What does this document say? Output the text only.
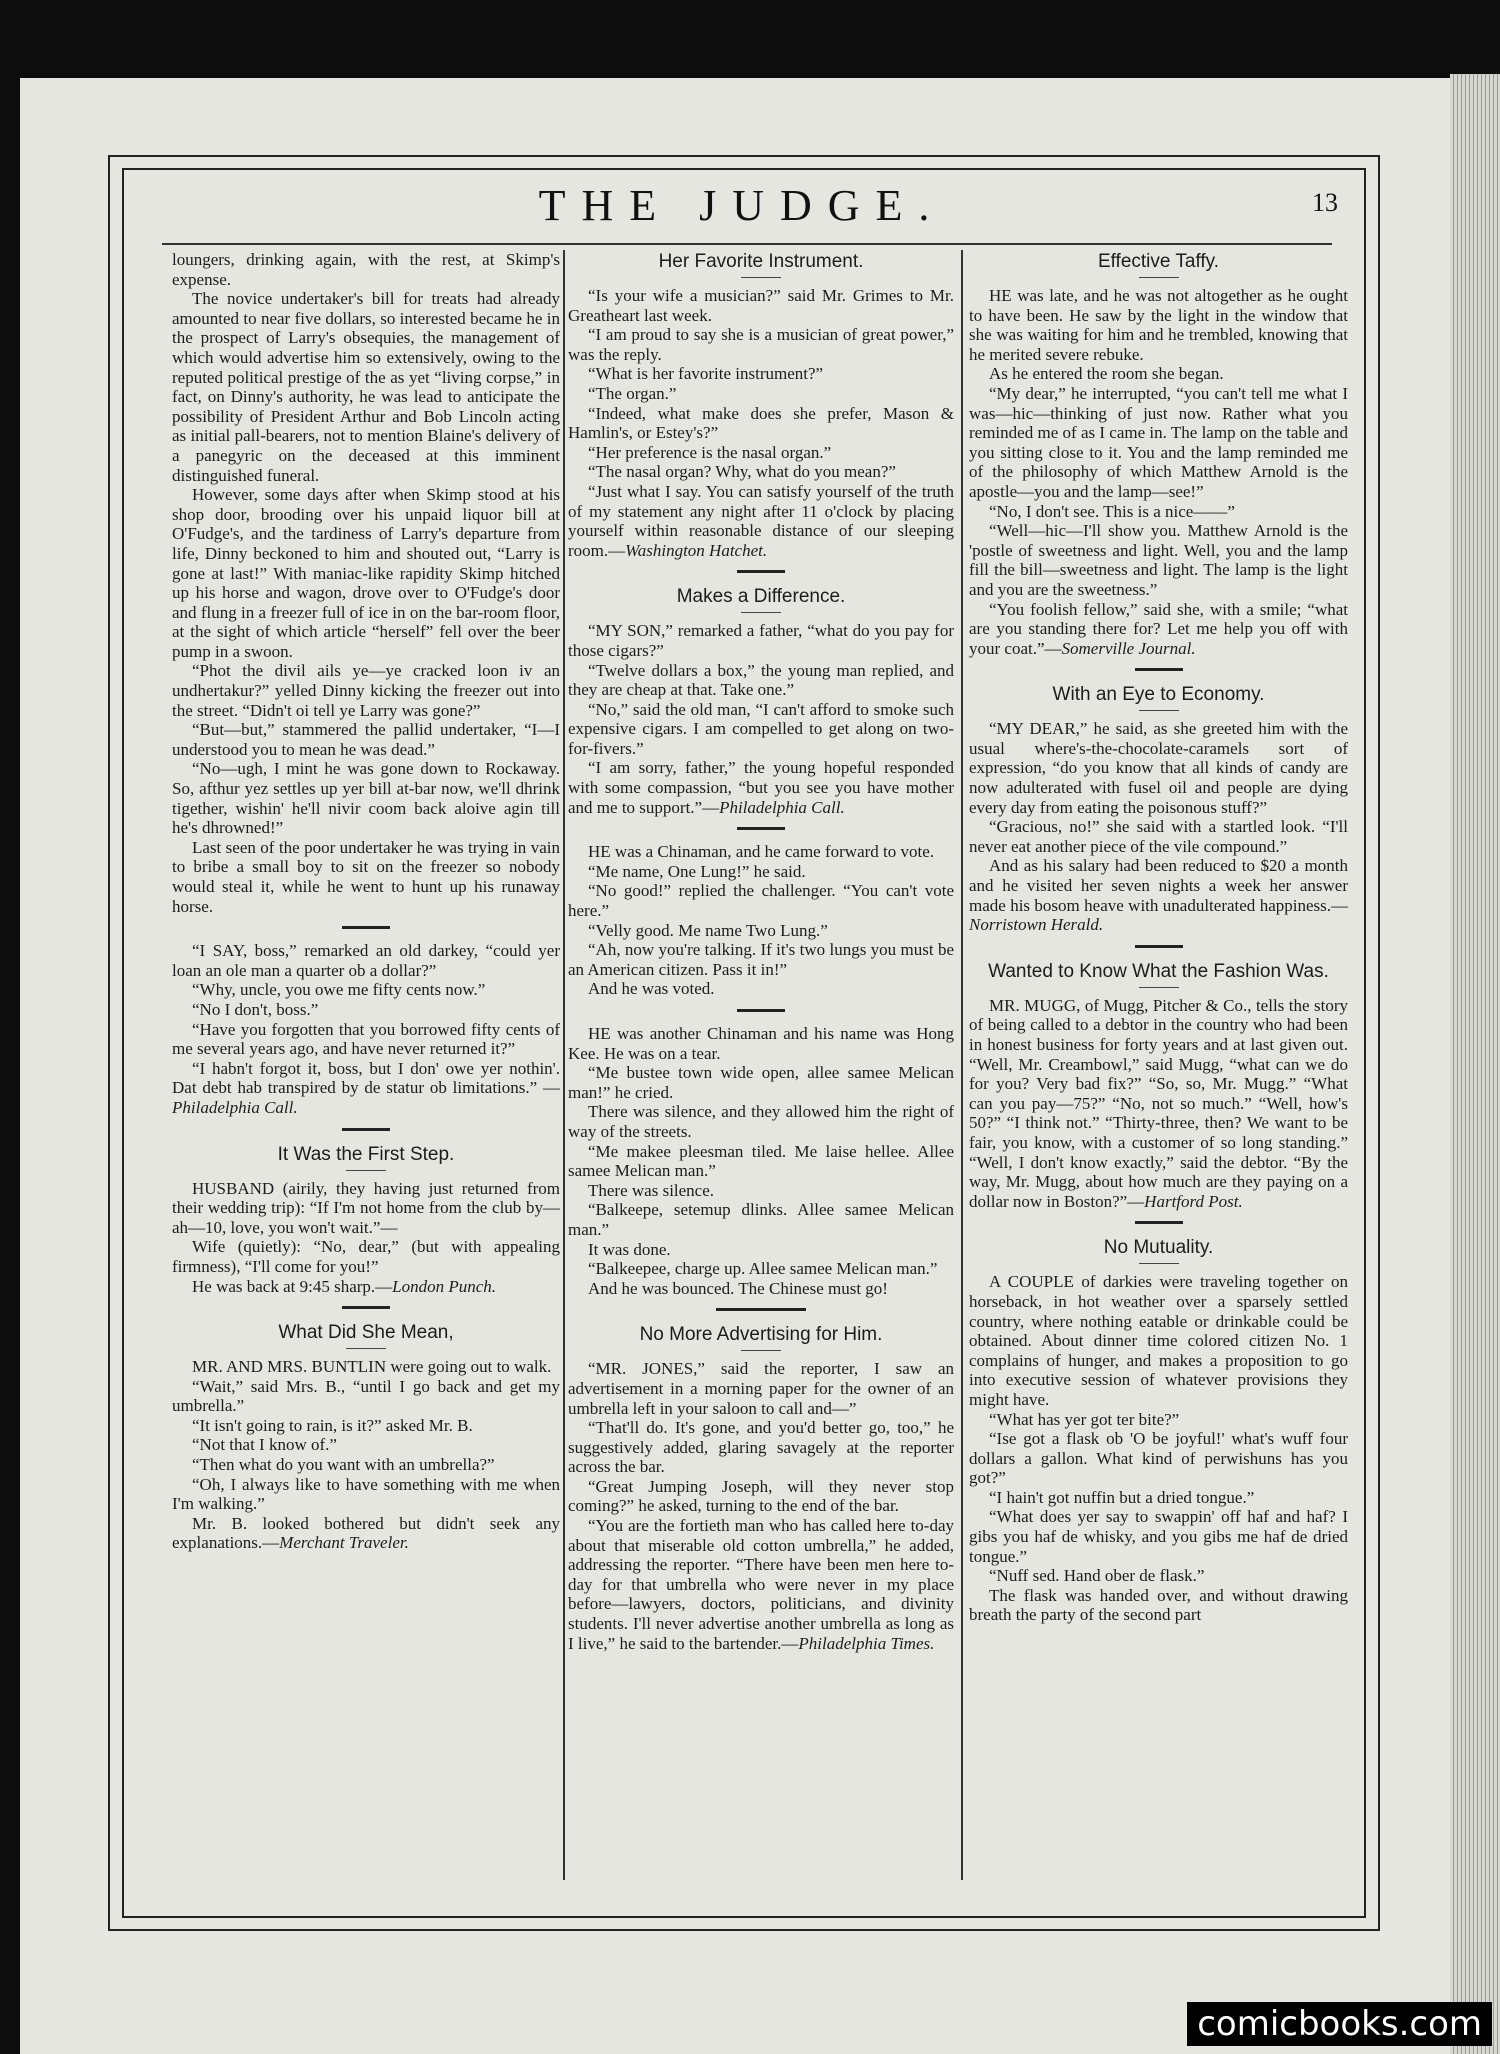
THE JUDGE.	13

loungers, drinking again, with the rest, at Skimp's expense.

The novice undertaker's bill for treats had already amounted to near five dollars, so interested became he in the prospect of Larry's obsequies, the management of which would advertise him so extensively, owing to the reputed political prestige of the as yet “living corpse,” in fact, on Dinny's authority, he was lead to anticipate the possibility of President Arthur and Bob Lincoln acting as initial pall-bearers, not to mention Blaine's delivery of a panegyric on the deceased at this imminent distinguished funeral.

However, some days after when Skimp stood at his shop door, brooding over his unpaid liquor bill at O'Fudge's, and the tardiness of Larry's departure from life, Dinny beckoned to him and shouted out, “Larry is gone at last!” With maniac-like rapidity Skimp hitched up his horse and wagon, drove over to O'Fudge's door and flung in a freezer full of ice in on the bar-room floor, at the sight of which article “herself” fell over the beer pump in a swoon.

“Phot the divil ails ye—ye cracked loon iv an undhertakur?” yelled Dinny kicking the freezer out into the street. “Didn't oi tell ye Larry was gone?”

“But—but,” stammered the pallid undertaker, “I—I understood you to mean he was dead.”

“No—ugh, I mint he was gone down to Rockaway. So, afthur yez settles up yer bill at-bar now, we'll dhrink tigether, wishin' he'll nivir coom back aloive agin till he's dhrowned!”

Last seen of the poor undertaker he was trying in vain to bribe a small boy to sit on the freezer so nobody would steal it, while he went to hunt up his runaway horse.

“I SAY, boss,” remarked an old darkey, “could yer loan an ole man a quarter ob a dollar?”

“Why, uncle, you owe me fifty cents now.”

“No I don't, boss.”

“Have you forgotten that you borrowed fifty cents of me several years ago, and have never returned it?”

“I habn't forgot it, boss, but I don' owe yer nothin'. Dat debt hab transpired by de statur ob limitations.” —Philadelphia Call.

It Was the First Step.

HUSBAND (airily, they having just returned from their wedding trip): “If I'm not home from the club by—ah—10, love, you won't wait.”—

Wife (quietly): “No, dear,” (but with appealing firmness), “I'll come for you!”

He was back at 9:45 sharp.—London Punch.

What Did She Mean,

MR. AND MRS. BUNTLIN were going out to walk.

“Wait,” said Mrs. B., “until I go back and get my umbrella.”

“It isn't going to rain, is it?” asked Mr. B.

“Not that I know of.”

“Then what do you want with an umbrella?”

“Oh, I always like to have something with me when I'm walking.”

Mr. B. looked bothered but didn't seek any explanations.—Merchant Traveler.

Her Favorite Instrument.

“Is your wife a musician?” said Mr. Grimes to Mr. Greatheart last week.

“I am proud to say she is a musician of great power,” was the reply.

“What is her favorite instrument?”

“The organ.”

“Indeed, what make does she prefer, Mason & Hamlin's, or Estey's?”

“Her preference is the nasal organ.”

“The nasal organ? Why, what do you mean?”

“Just what I say. You can satisfy yourself of the truth of my statement any night after 11 o'clock by placing yourself within reasonable distance of our sleeping room.—Washington Hatchet.

Makes a Difference.

“MY SON,” remarked a father, “what do you pay for those cigars?”

“Twelve dollars a box,” the young man replied, and they are cheap at that. Take one.”

“No,” said the old man, “I can't afford to smoke such expensive cigars. I am compelled to get along on two-for-fivers.”

“I am sorry, father,” the young hopeful responded with some compassion, “but you see you have mother and me to support.”—Philadelphia Call.

HE was a Chinaman, and he came forward to vote.

“Me name, One Lung!” he said.

“No good!” replied the challenger. “You can't vote here.”

“Velly good. Me name Two Lung.”

“Ah, now you're talking. If it's two lungs you must be an American citizen. Pass it in!”

And he was voted.

HE was another Chinaman and his name was Hong Kee. He was on a tear.

“Me bustee town wide open, allee samee Melican man!” he cried.

There was silence, and they allowed him the right of way of the streets.

“Me makee pleesman tiled. Me laise hellee. Allee samee Melican man.”

There was silence.

“Balkeepe, setemup dlinks. Allee samee Melican man.”

It was done.

“Balkeepee, charge up. Allee samee Melican man.”

And he was bounced. The Chinese must go!

No More Advertising for Him.

“MR. JONES,” said the reporter, I saw an advertisement in a morning paper for the owner of an umbrella left in your saloon to call and—”

“That'll do. It's gone, and you'd better go, too,” he suggestively added, glaring savagely at the reporter across the bar.

“Great Jumping Joseph, will they never stop coming?” he asked, turning to the end of the bar.

“You are the fortieth man who has called here to-day about that miserable old cotton umbrella,” he added, addressing the reporter. “There have been men here to-day for that umbrella who were never in my place before—lawyers, doctors, politicians, and divinity students. I'll never advertise another umbrella as long as I live,” he said to the bartender.—Philadelphia Times.

Effective Taffy.

HE was late, and he was not altogether as he ought to have been. He saw by the light in the window that she was waiting for him and he trembled, knowing that he merited severe rebuke.

As he entered the room she began.

“My dear,” he interrupted, “you can't tell me what I was—hic—thinking of just now. Rather what you reminded me of as I came in. The lamp on the table and you sitting close to it. You and the lamp reminded me of the philosophy of which Matthew Arnold is the apostle—you and the lamp—see!”

“No, I don't see. This is a nice——”

“Well—hic—I'll show you. Matthew Arnold is the 'postle of sweetness and light. Well, you and the lamp fill the bill—sweetness and light. The lamp is the light and you are the sweetness.”

“You foolish fellow,” said she, with a smile; “what are you standing there for? Let me help you off with your coat.”—Somerville Journal.

With an Eye to Economy.

“MY DEAR,” he said, as she greeted him with the usual where's-the-chocolate-caramels sort of expression, “do you know that all kinds of candy are now adulterated with fusel oil and people are dying every day from eating the poisonous stuff?”

“Gracious, no!” she said with a startled look. “I'll never eat another piece of the vile compound.”

And as his salary had been reduced to $20 a month and he visited her seven nights a week her answer made his bosom heave with unadulterated happiness.—Norristown Herald.

Wanted to Know What the Fashion Was.

MR. MUGG, of Mugg, Pitcher & Co., tells the story of being called to a debtor in the country who had been in honest business for forty years and at last given out. “Well, Mr. Creambowl,” said Mugg, “what can we do for you? Very bad fix?” “So, so, Mr. Mugg.” “What can you pay—75?” “No, not so much.” “Well, how's 50?” “I think not.” “Thirty-three, then? We want to be fair, you know, with a customer of so long standing.” “Well, I don't know exactly,” said the debtor. “By the way, Mr. Mugg, about how much are they paying on a dollar now in Boston?”—Hartford Post.

No Mutuality.

A COUPLE of darkies were traveling together on horseback, in hot weather over a sparsely settled country, where nothing eatable or drinkable could be obtained. About dinner time colored citizen No. 1 complains of hunger, and makes a proposition to go into executive session of whatever provisions they might have.

“What has yer got ter bite?”

“Ise got a flask ob 'O be joyful!' what's wuff four dollars a gallon. What kind of perwishuns has you got?”

“I hain't got nuffin but a dried tongue.”

“What does yer say to swappin' off haf and haf? I gibs you haf de whisky, and you gibs me haf de dried tongue.”

“Nuff sed. Hand ober de flask.”

The flask was handed over, and without drawing breath the party of the second part

comicbooks.com
